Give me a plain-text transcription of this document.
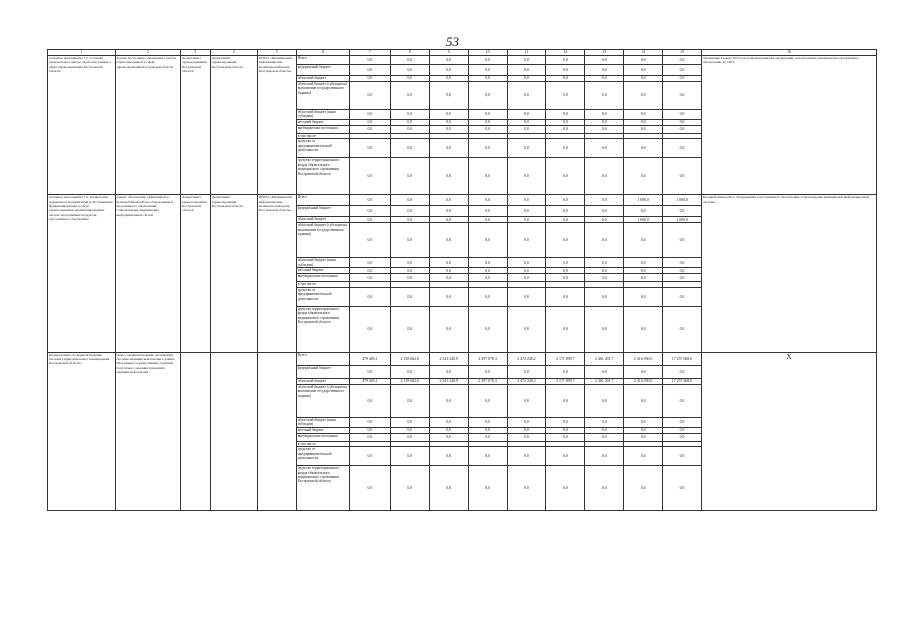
53
1	2	3	4	5	6	7	8	9	10	11	12	13	14	15	16
Основное мероприятие 7.5. Создание регионального центра обработки данных в сфере здравоохранения Костромской области	Задача: построение современного центра обработки данных в сфере здравоохранения Костромской области	Департамент здравоохранения Костромской области	Департамент здравоохранения Костромской области	ОГБУЗ «Медицинский информационно-аналитический центр Костромской области»	Всего	0,0	0,0	0,0	0,0	0,0	0,0	0,0	0,0	0,0	Увеличение к концу 2014 года доли медицинских организаций, использующих аналитическое программное обеспечение, до 100%
					федеральный бюджет	0,0	0,0	0,0	0,0	0,0	0,0	0,0	0,0	0,0	
					областной бюджет	0,0	0,0	0,0	0,0	0,0	0,0	0,0	0,0	0,0	
					областной бюджет (субсидии на выполнение государственного задания)	0,0	0,0	0,0	0,0	0,0	0,0	0,0	0,0	0,0	
					областной бюджет (иные субсидии)	0,0	0,0	0,0	0,0	0,0	0,0	0,0	0,0	0,0	
					местный бюджет	0,0	0,0	0,0	0,0	0,0	0,0	0,0	0,0	0,0	
					внебюджетные источники	0,0	0,0	0,0	0,0	0,0	0,0	0,0	0,0	0,0	
					в том числе:										
					средства от предпринимательской деятельности	0,0	0,0	0,0	0,0	0,0	0,0	0,0	0,0	0,0	
					средства территориального фонда обязательного медицинского страхования Костромской области	0,0	0,0	0,0	0,0	0,0	0,0	0,0	0,0	0,0	
Основное мероприятие 7.6. Техническая поддержка и модернизация и обслуживание функционирующих в сфере здравоохранения автоматизированных систем, программных продуктов, программного обеспечения	Задача: обеспечение эффективной и бесперебойной работы оборудования и программного обеспечения, сопровождение медицинских информационных систем	Департамент здравоохранения Костромской области	Департамент здравоохранения Костромской области	ОГБУЗ «Медицинский информационно-аналитический центр Костромской области»	Всего	0,0	0,0	0,0	0,0	0,0	0,0	0,0	1 000,0	1 000,0	Бесперебойная работа оборудования и программного обеспечения, сопровождение медицинской информационной системы
					федеральный бюджет	0,0	0,0	0,0	0,0	0,0	0,0	0,0	0,0	0,0	
					областной бюджет	0,0	0,0	0,0	0,0	0,0	0,0	0,0	1 000,0	1 000,0	
					областной бюджет (субсидии на выполнение государственного задания)	0,0	0,0	0,0	0,0	0,0	0,0	0,0	0,0	0,0	
					областной бюджет (иные субсидии)	0,0	0,0	0,0	0,0	0,0	0,0	0,0	0,0	0,0	
					местный бюджет	0,0	0,0	0,0	0,0	0,0	0,0	0,0	0,0	0,0	
					внебюджетные источники	0,0	0,0	0,0	0,0	0,0	0,0	0,0	0,0	0,0	
					в том числе:										
					средства от предпринимательской деятельности	0,0	0,0	0,0	0,0	0,0	0,0	0,0	0,0	0,0	
					средства территориального фонда обязательного медицинского страхования Костромской области	0,0	0,0	0,0	0,0	0,0	0,0	0,0	0,0	0,0	
Подпрограмма «Совершенствование системы территориального планирования Костромской области»	Цель: совершенствование организации системы медицинской помощи в рамках Программы государственных гарантий бесплатного оказания гражданам медицинской помощи				Всего	479 405,1	2 318 662,0	2 541 240,9	2 397 078,3	2 472 240,2	2 171 899,7	2 461 201,7	2 416 050,0	17 257 668,0	Х
					федеральный бюджет	0,0	0,0	0,0	0,0	0,0	0,0	0,0	0,0	0,0	
					областной бюджет	479 405,1	2 318 662,0	2 541 240,9	2 397 078,3	2 472 240,2	2 171 899,7	2 461 201,7	2 416 050,0	17 257 668,0	
					областной бюджет (субсидии на выполнение государственного задания)	0,0	0,0	0,0	0,0	0,0	0,0	0,0	0,0	0,0	
					областной бюджет (иные субсидии)	0,0	0,0	0,0	0,0	0,0	0,0	0,0	0,0	0,0	
					местный бюджет	0,0	0,0	0,0	0,0	0,0	0,0	0,0	0,0	0,0	
					внебюджетные источники	0,0	0,0	0,0	0,0	0,0	0,0	0,0	0,0	0,0	
					в том числе:										
					средства от предпринимательской деятельности	0,0	0,0	0,0	0,0	0,0	0,0	0,0	0,0	0,0	
					средства территориального фонда обязательного медицинского страхования Костромской области	0,0	0,0	0,0	0,0	0,0	0,0	0,0	0,0	0,0	
